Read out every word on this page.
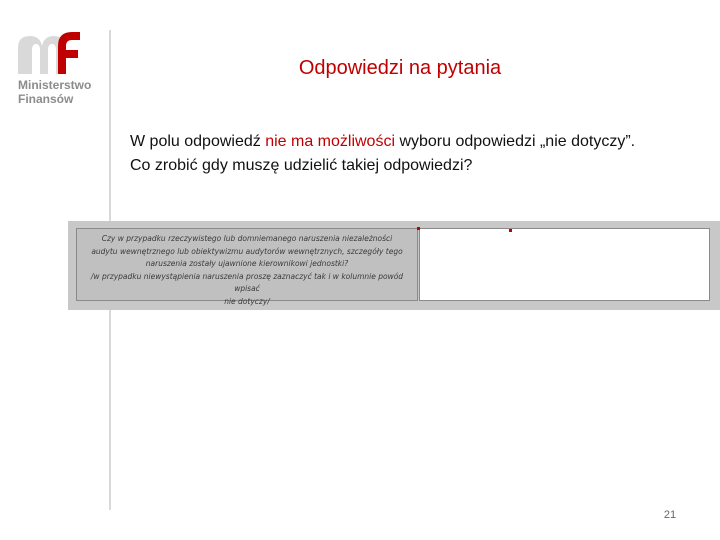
Ministerstwo
Finansów
Odpowiedzi na pytania
W polu odpowiedź nie ma możliwości wyboru odpowiedzi „nie dotyczy”.
Co zrobić gdy muszę udzielić takiej odpowiedzi?
Czy w przypadku rzeczywistego lub domniemanego naruszenia niezależności
audytu wewnętrznego lub obiektywizmu audytorów wewnętrznych, szczegóły tego
naruszenia zostały ujawnione kierownikowi jednostki?
/w przypadku niewystąpienia naruszenia proszę zaznaczyć tak i w kolumnie powód wpisać
nie dotyczy/
21
